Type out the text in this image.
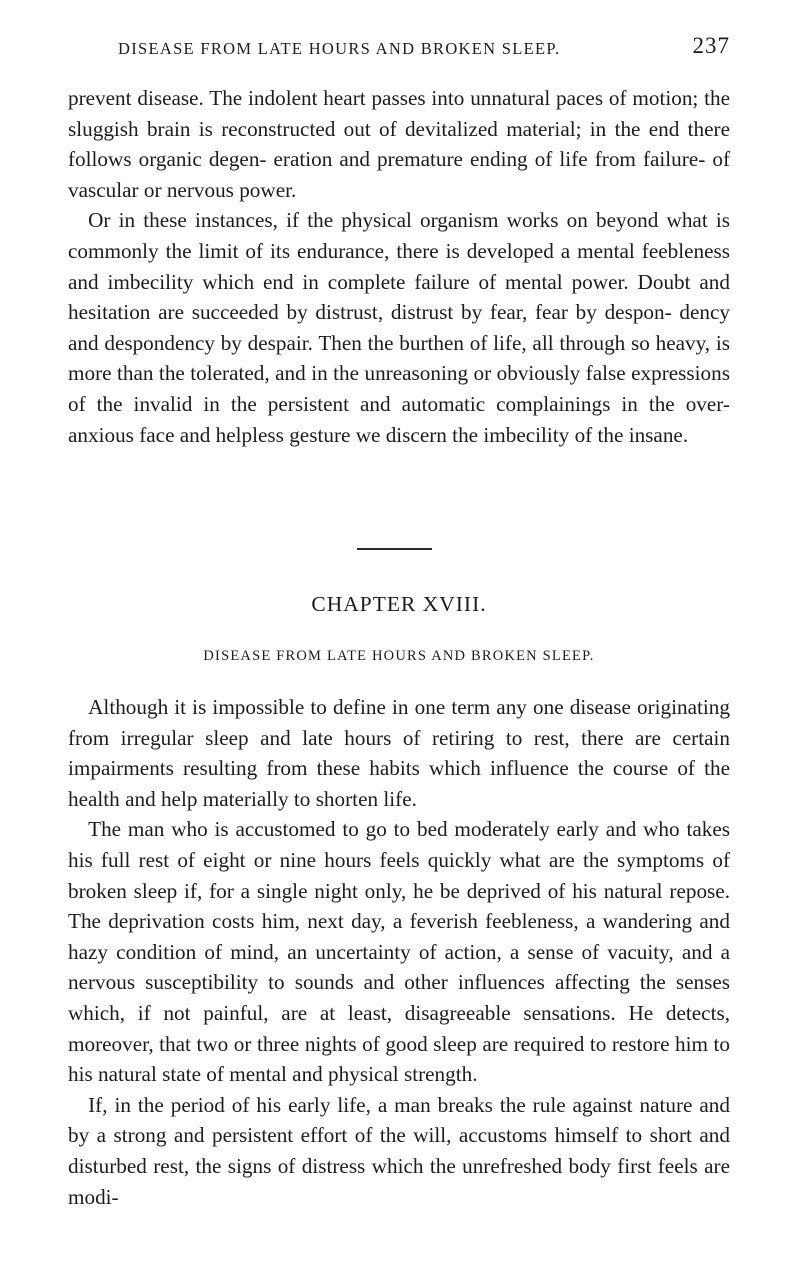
DISEASE FROM LATE HOURS AND BROKEN SLEEP.	237

prevent disease. The indolent heart passes into unnatural paces of motion; the sluggish brain is reconstructed out of devitalized material; in the end there follows organic degen- eration and premature ending of life from failure- of vascular or nervous power.

Or in these instances, if the physical organism works on beyond what is commonly the limit of its endurance, there is developed a mental feebleness and imbecility which end in complete failure of mental power. Doubt and hesitation are succeeded by distrust, distrust by fear, fear by despon- dency and despondency by despair. Then the burthen of life, all through so heavy, is more than the tolerated, and in the unreasoning or obviously false expressions of the invalid in the persistent and automatic complainings in the over- anxious face and helpless gesture we discern the imbecility of the insane.

CHAPTER XVIII.
DISEASE FROM LATE HOURS AND BROKEN SLEEP.

Although it is impossible to define in one term any one disease originating from irregular sleep and late hours of retiring to rest, there are certain impairments resulting from these habits which influence the course of the health and help materially to shorten life.

The man who is accustomed to go to bed moderately early and who takes his full rest of eight or nine hours feels quickly what are the symptoms of broken sleep if, for a single night only, he be deprived of his natural repose. The deprivation costs him, next day, a feverish feebleness, a wandering and hazy condition of mind, an uncertainty of action, a sense of vacuity, and a nervous susceptibility to sounds and other influences affecting the senses which, if not painful, are at least, disagreeable sensations. He detects, moreover, that two or three nights of good sleep are required to restore him to his natural state of mental and physical strength.

If, in the period of his early life, a man breaks the rule against nature and by a strong and persistent effort of the will, accustoms himself to short and disturbed rest, the signs of distress which the unrefreshed body first feels are modi-
